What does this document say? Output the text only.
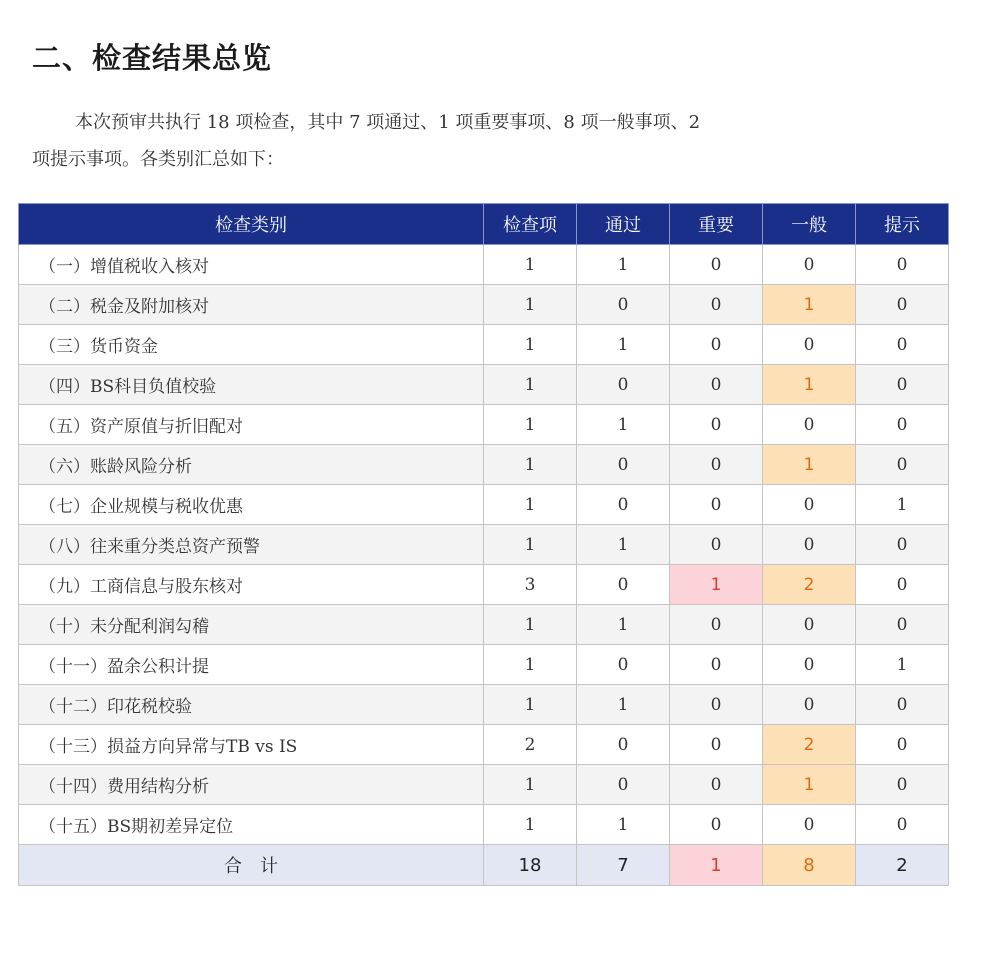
二、检查结果总览

本次预审共执行 18 项检查，其中 7 项通过、1 项重要事项、8 项一般事项、2
项提示事项。各类别汇总如下：

检查类别	检查项	通过	重要	一般	提示
（一）增值税收入核对	1	1	0	0	0
（二）税金及附加核对	1	0	0	1	0
（三）货币资金	1	1	0	0	0
（四）BS科目负值校验	1	0	0	1	0
（五）资产原值与折旧配对	1	1	0	0	0
（六）账龄风险分析	1	0	0	1	0
（七）企业规模与税收优惠	1	0	0	0	1
（八）往来重分类总资产预警	1	1	0	0	0
（九）工商信息与股东核对	3	0	1	2	0
（十）未分配利润勾稽	1	1	0	0	0
（十一）盈余公积计提	1	0	0	0	1
（十二）印花税校验	1	1	0	0	0
（十三）损益方向异常与TB vs IS	2	0	0	2	0
（十四）费用结构分析	1	0	0	1	0
（十五）BS期初差异定位	1	1	0	0	0
合　计	18	7	1	8	2
